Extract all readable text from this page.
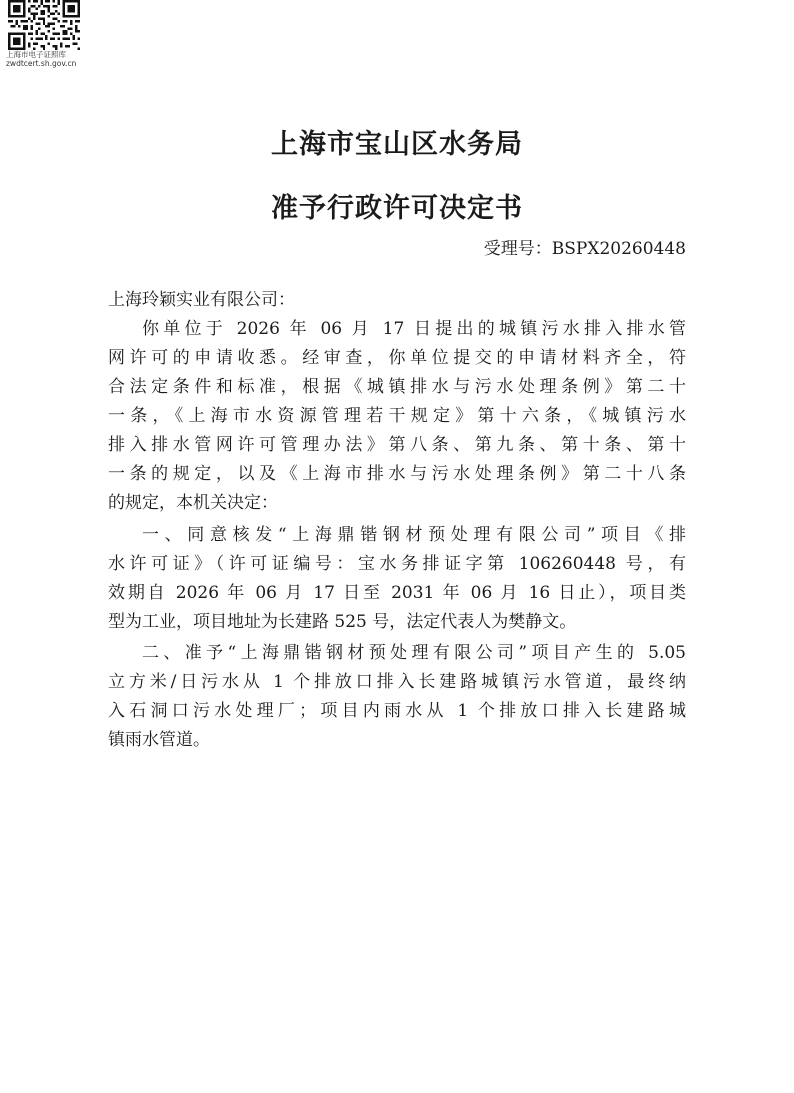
上海市电子证照库
zwdtcert.sh.gov.cn
上海市宝山区水务局
准予行政许可决定书
受理号：BSPX20260448
上海玲颖实业有限公司：
你单位于 2026 年 06 月 17 日提出的城镇污水排入排水管
网许可的申请收悉。经审查，你单位提交的申请材料齐全，符
合法定条件和标准，根据《城镇排水与污水处理条例》第二十
一条，《上海市水资源管理若干规定》第十六条，《城镇污水
排入排水管网许可管理办法》第八条、第九条、第十条、第十
一条的规定，以及《上海市排水与污水处理条例》第二十八条
的规定，本机关决定：
一、同意核发“上海鼎锴钢材预处理有限公司”项目《排
水许可证》（许可证编号：宝水务排证字第 106260448 号，有
效期自 2026 年 06 月 17 日至 2031 年 06 月 16 日止），项目类
型为工业，项目地址为长建路 525 号，法定代表人为樊静文。
二、准予“上海鼎锴钢材预处理有限公司”项目产生的 5.05
立方米/日污水从 1 个排放口排入长建路城镇污水管道，最终纳
入石洞口污水处理厂；项目内雨水从 1 个排放口排入长建路城
镇雨水管道。
